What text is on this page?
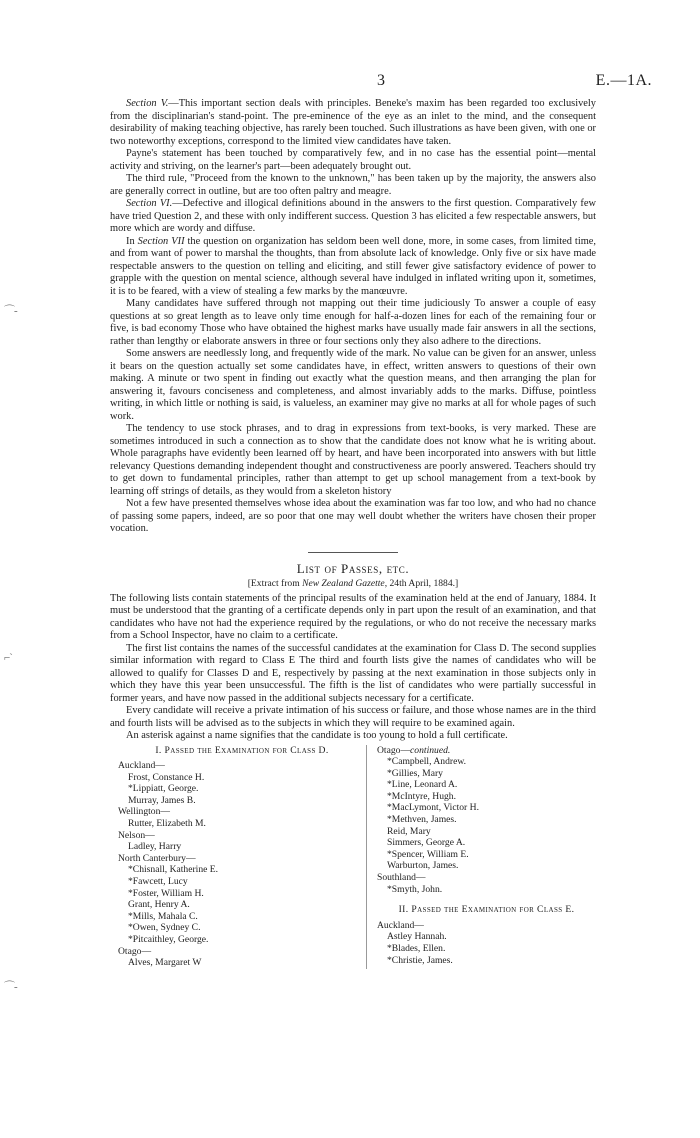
3	E.—1A.
⌒-
⌐`
⌒-

Section V.—This important section deals with principles. Beneke's maxim has been regarded too exclusively from the disciplinarian's stand-point. The pre-eminence of the eye as an inlet to the mind, and the consequent desirability of making teaching objective, has rarely been touched. Such illustrations as have been given, with one or two noteworthy exceptions, correspond to the limited view candidates have taken.

Payne's statement has been touched by comparatively few, and in no case has the essential point—mental activity and striving, on the learner's part—been adequately brought out.

The third rule, "Proceed from the known to the unknown," has been taken up by the majority, the answers also are generally correct in outline, but are too often paltry and meagre.

Section VI.—Defective and illogical definitions abound in the answers to the first question. Comparatively few have tried Question 2, and these with only indifferent success. Question 3 has elicited a few respectable answers, but more which are wordy and diffuse.

In Section VII the question on organization has seldom been well done, more, in some cases, from limited time, and from want of power to marshal the thoughts, than from absolute lack of knowledge. Only five or six have made respectable answers to the question on telling and eliciting, and still fewer give satisfactory evidence of power to grapple with the question on mental science, although several have indulged in inflated writing upon it, sometimes, it is to be feared, with a view of stealing a few marks by the manœuvre.

Many candidates have suffered through not mapping out their time judiciously To answer a couple of easy questions at so great length as to leave only time enough for half-a-dozen lines for each of the remaining four or five, is bad economy Those who have obtained the highest marks have usually made fair answers in all the sections, rather than lengthy or elaborate answers in three or four sections only they also adhere to the directions.

Some answers are needlessly long, and frequently wide of the mark. No value can be given for an answer, unless it bears on the question actually set some candidates have, in effect, written answers to questions of their own making. A minute or two spent in finding out exactly what the question means, and then arranging the plan for answering it, favours conciseness and completeness, and almost invariably adds to the marks. Diffuse, pointless writing, in which little or nothing is said, is valueless, an examiner may give no marks at all for whole pages of such work.

The tendency to use stock phrases, and to drag in expressions from text-books, is very marked. These are sometimes introduced in such a connection as to show that the candidate does not know what he is writing about. Whole paragraphs have evidently been learned off by heart, and have been incorporated into answers with but little relevancy Questions demanding independent thought and constructiveness are poorly answered. Teachers should try to get down to fundamental principles, rather than attempt to get up school management from a text-book by learning off strings of details, as they would from a skeleton history

Not a few have presented themselves whose idea about the examination was far too low, and who had no chance of passing some papers, indeed, are so poor that one may well doubt whether the writers have chosen their proper vocation.

List of Passes, etc.
[Extract from New Zealand Gazette, 24th April, 1884.]

The following lists contain statements of the principal results of the examination held at the end of January, 1884. It must be understood that the granting of a certificate depends only in part upon the result of an examination, and that candidates who have not had the experience required by the regulations, or who do not receive the necessary marks from a School Inspector, have no claim to a certificate.

The first list contains the names of the successful candidates at the examination for Class D. The second supplies similar information with regard to Class E The third and fourth lists give the names of candidates who will be allowed to qualify for Classes D and E, respectively by passing at the next examination in those subjects only in which they have this year been unsuccessful. The fifth is the list of candidates who were partially successful in former years, and have now passed in the additional subjects necessary for a certificate.

Every candidate will receive a private intimation of his success or failure, and those whose names are in the third and fourth lists will be advised as to the subjects in which they will require to be examined again.

An asterisk against a name signifies that the candidate is too young to hold a full certificate.

I. Passed the Examination for Class D.
Auckland—
Frost, Constance H.
*Lippiatt, George.
Murray, James B.
Wellington—
Rutter, Elizabeth M.
Nelson—
Ladley, Harry
North Canterbury—
*Chisnall, Katherine E.
*Fawcett, Lucy
*Foster, William H.
Grant, Henry A.
*Mills, Mahala C.
*Owen, Sydney C.
*Pitcaithley, George.
Otago—
Alves, Margaret W
Otago—continued.
*Campbell, Andrew.
*Gillies, Mary
*Line, Leonard A.
*McIntyre, Hugh.
*MacLymont, Victor H.
*Methven, James.
Reid, Mary
Simmers, George A.
*Spencer, William E.
Warburton, James.
Southland—
*Smyth, John.
II. Passed the Examination for Class E.
Auckland—
Astley Hannah.
*Blades, Ellen.
*Christie, James.
